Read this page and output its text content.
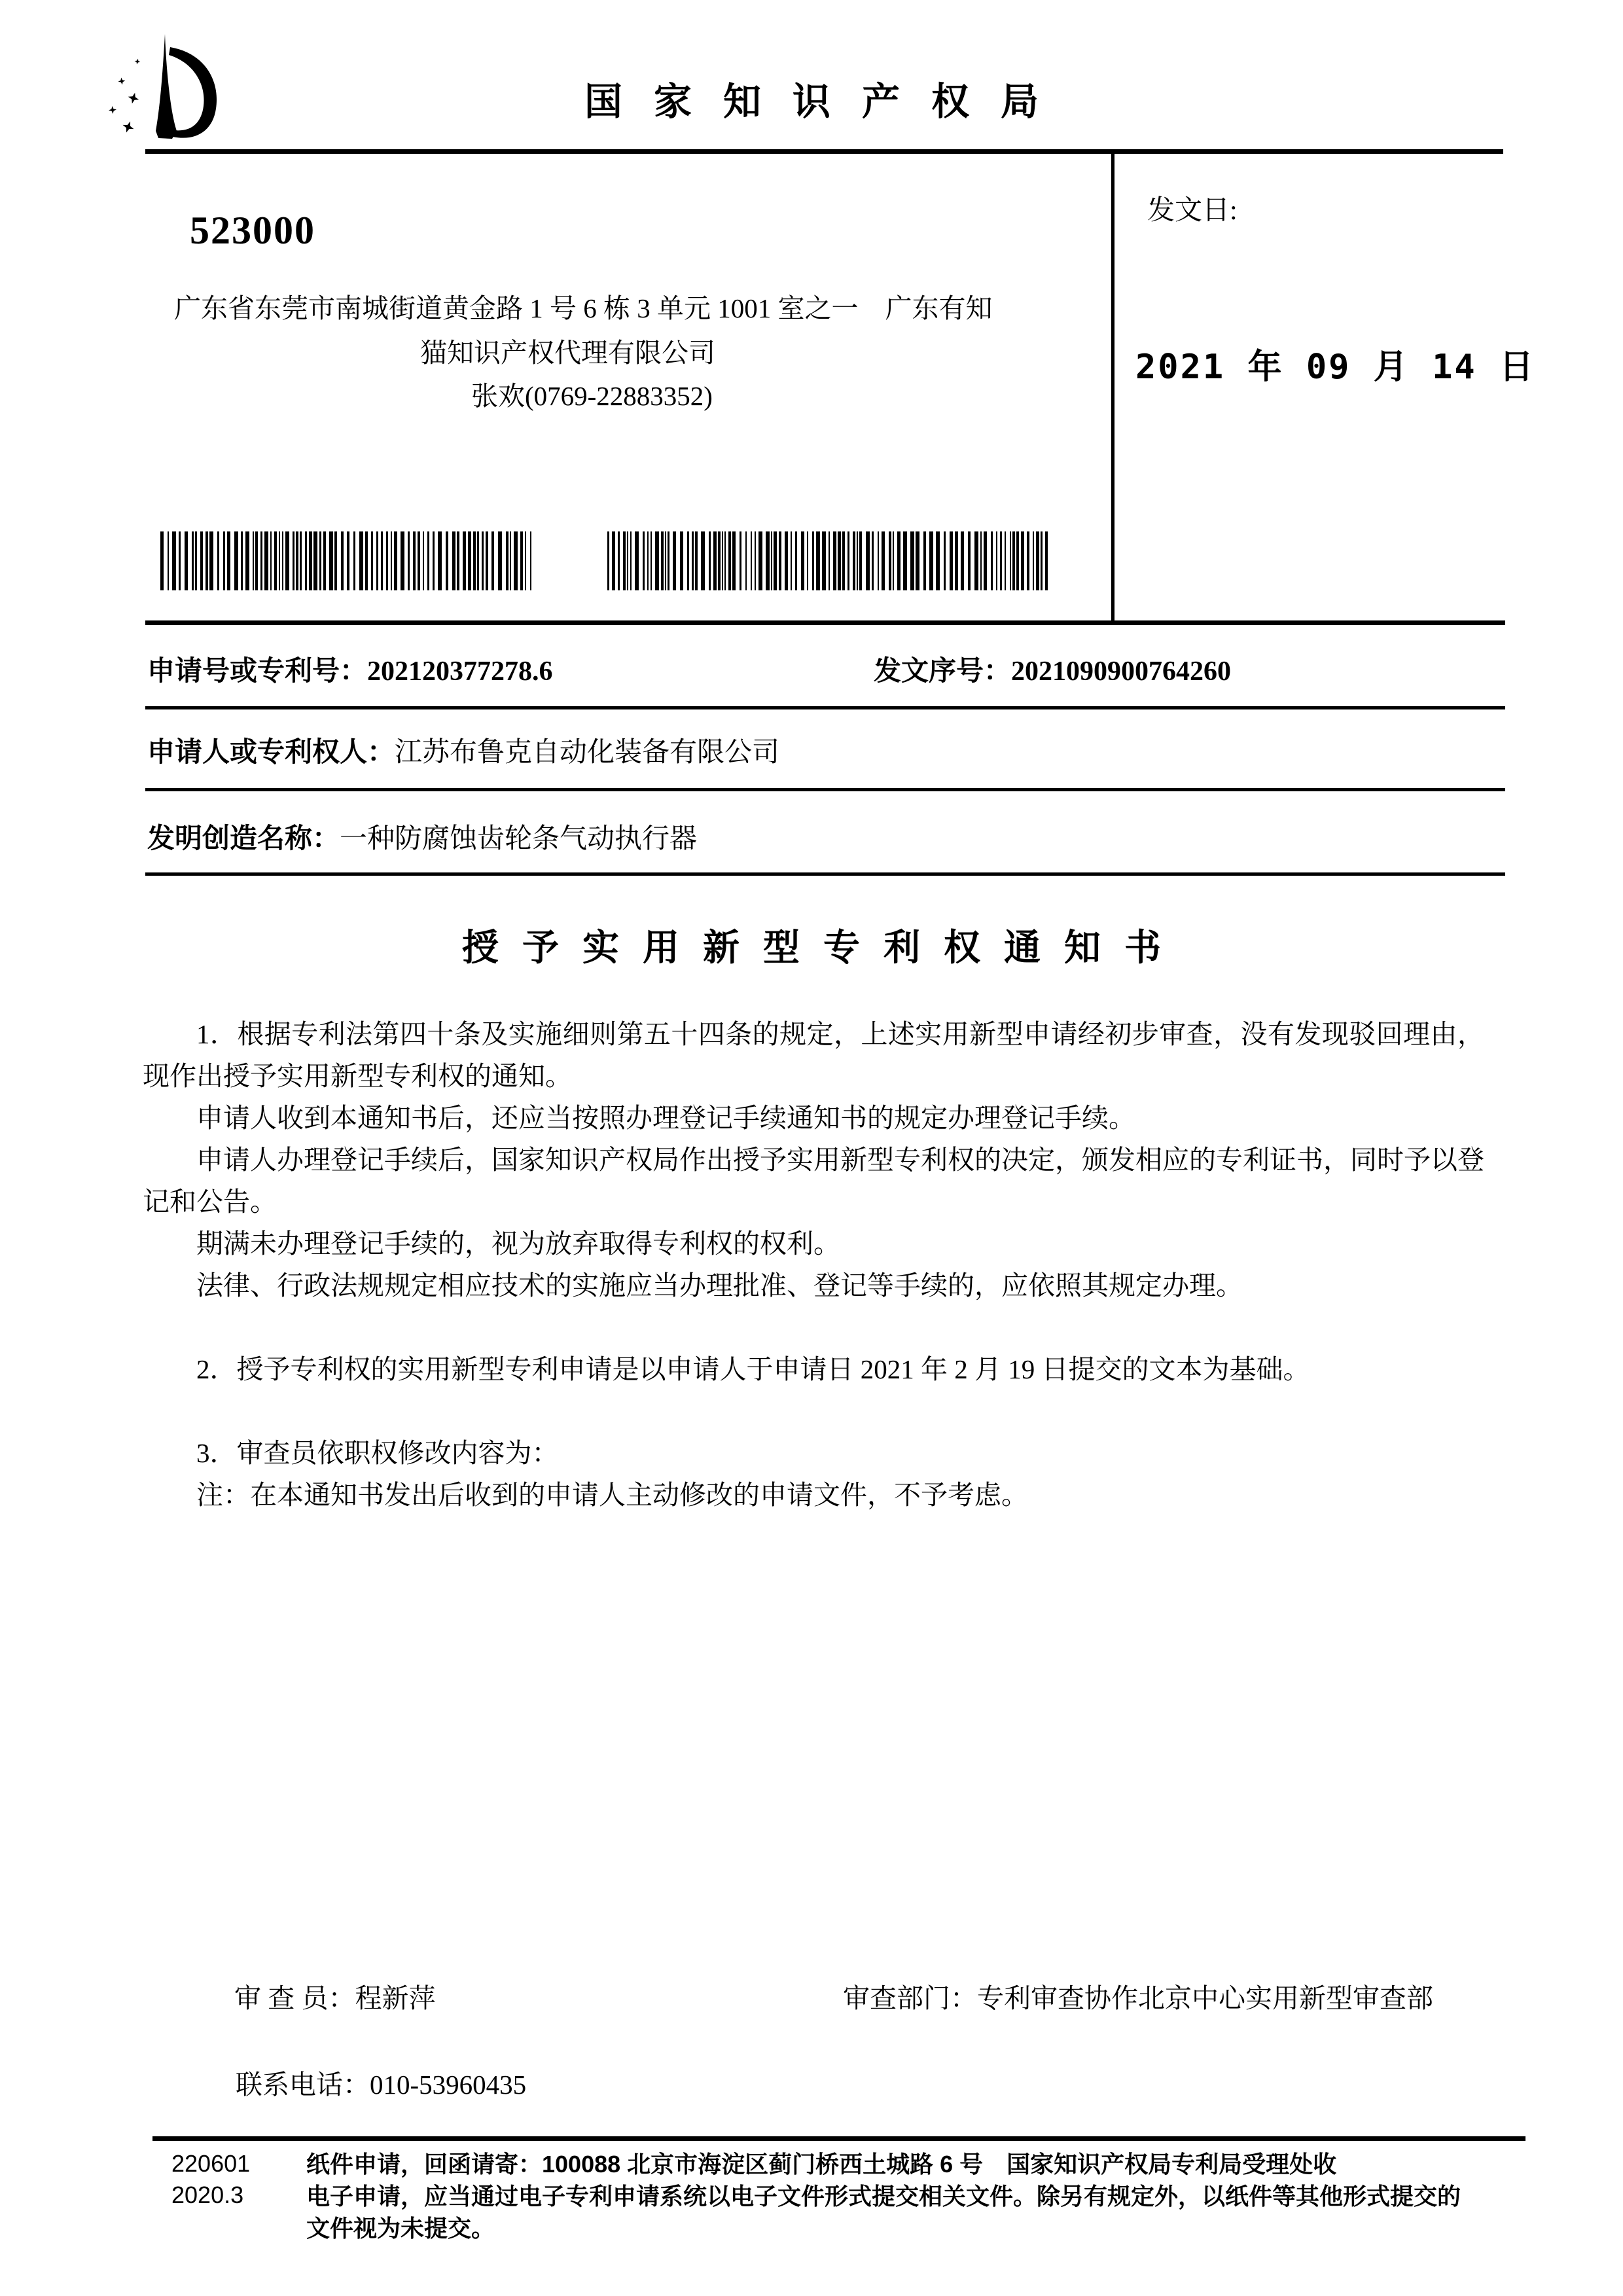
国家知识产权局
523000
广东省东莞市南城街道黄金路 1 号 6 栋 3 单元 1001 室之一　广东有知
猫知识产权代理有限公司
张欢(0769-22883352)
发文日:
2021 年 09 月 14 日
申请号或专利号：202120377278.6	发文序号：2021090900764260
申请人或专利权人：江苏布鲁克自动化装备有限公司
发明创造名称：一种防腐蚀齿轮条气动执行器
授予实用新型专利权通知书

1．根据专利法第四十条及实施细则第五十四条的规定，上述实用新型申请经初步审查，没有发现驳回理由，现作出授予实用新型专利权的通知。

申请人收到本通知书后，还应当按照办理登记手续通知书的规定办理登记手续。

申请人办理登记手续后，国家知识产权局作出授予实用新型专利权的决定，颁发相应的专利证书，同时予以登记和公告。

期满未办理登记手续的，视为放弃取得专利权的权利。

法律、行政法规规定相应技术的实施应当办理批准、登记等手续的，应依照其规定办理。

2．授予专利权的实用新型专利申请是以申请人于申请日 2021 年 2 月 19 日提交的文本为基础。

3．审查员依职权修改内容为：

注：在本通知书发出后收到的申请人主动修改的申请文件，不予考虑。

审 查 员：程新萍	审查部门：专利审查协作北京中心实用新型审查部
联系电话：010-53960435
220601
2020.3
纸件申请，回函请寄：100088 北京市海淀区蓟门桥西土城路 6 号　国家知识产权局专利局受理处收
电子申请，应当通过电子专利申请系统以电子文件形式提交相关文件。除另有规定外，以纸件等其他形式提交的
文件视为未提交。
